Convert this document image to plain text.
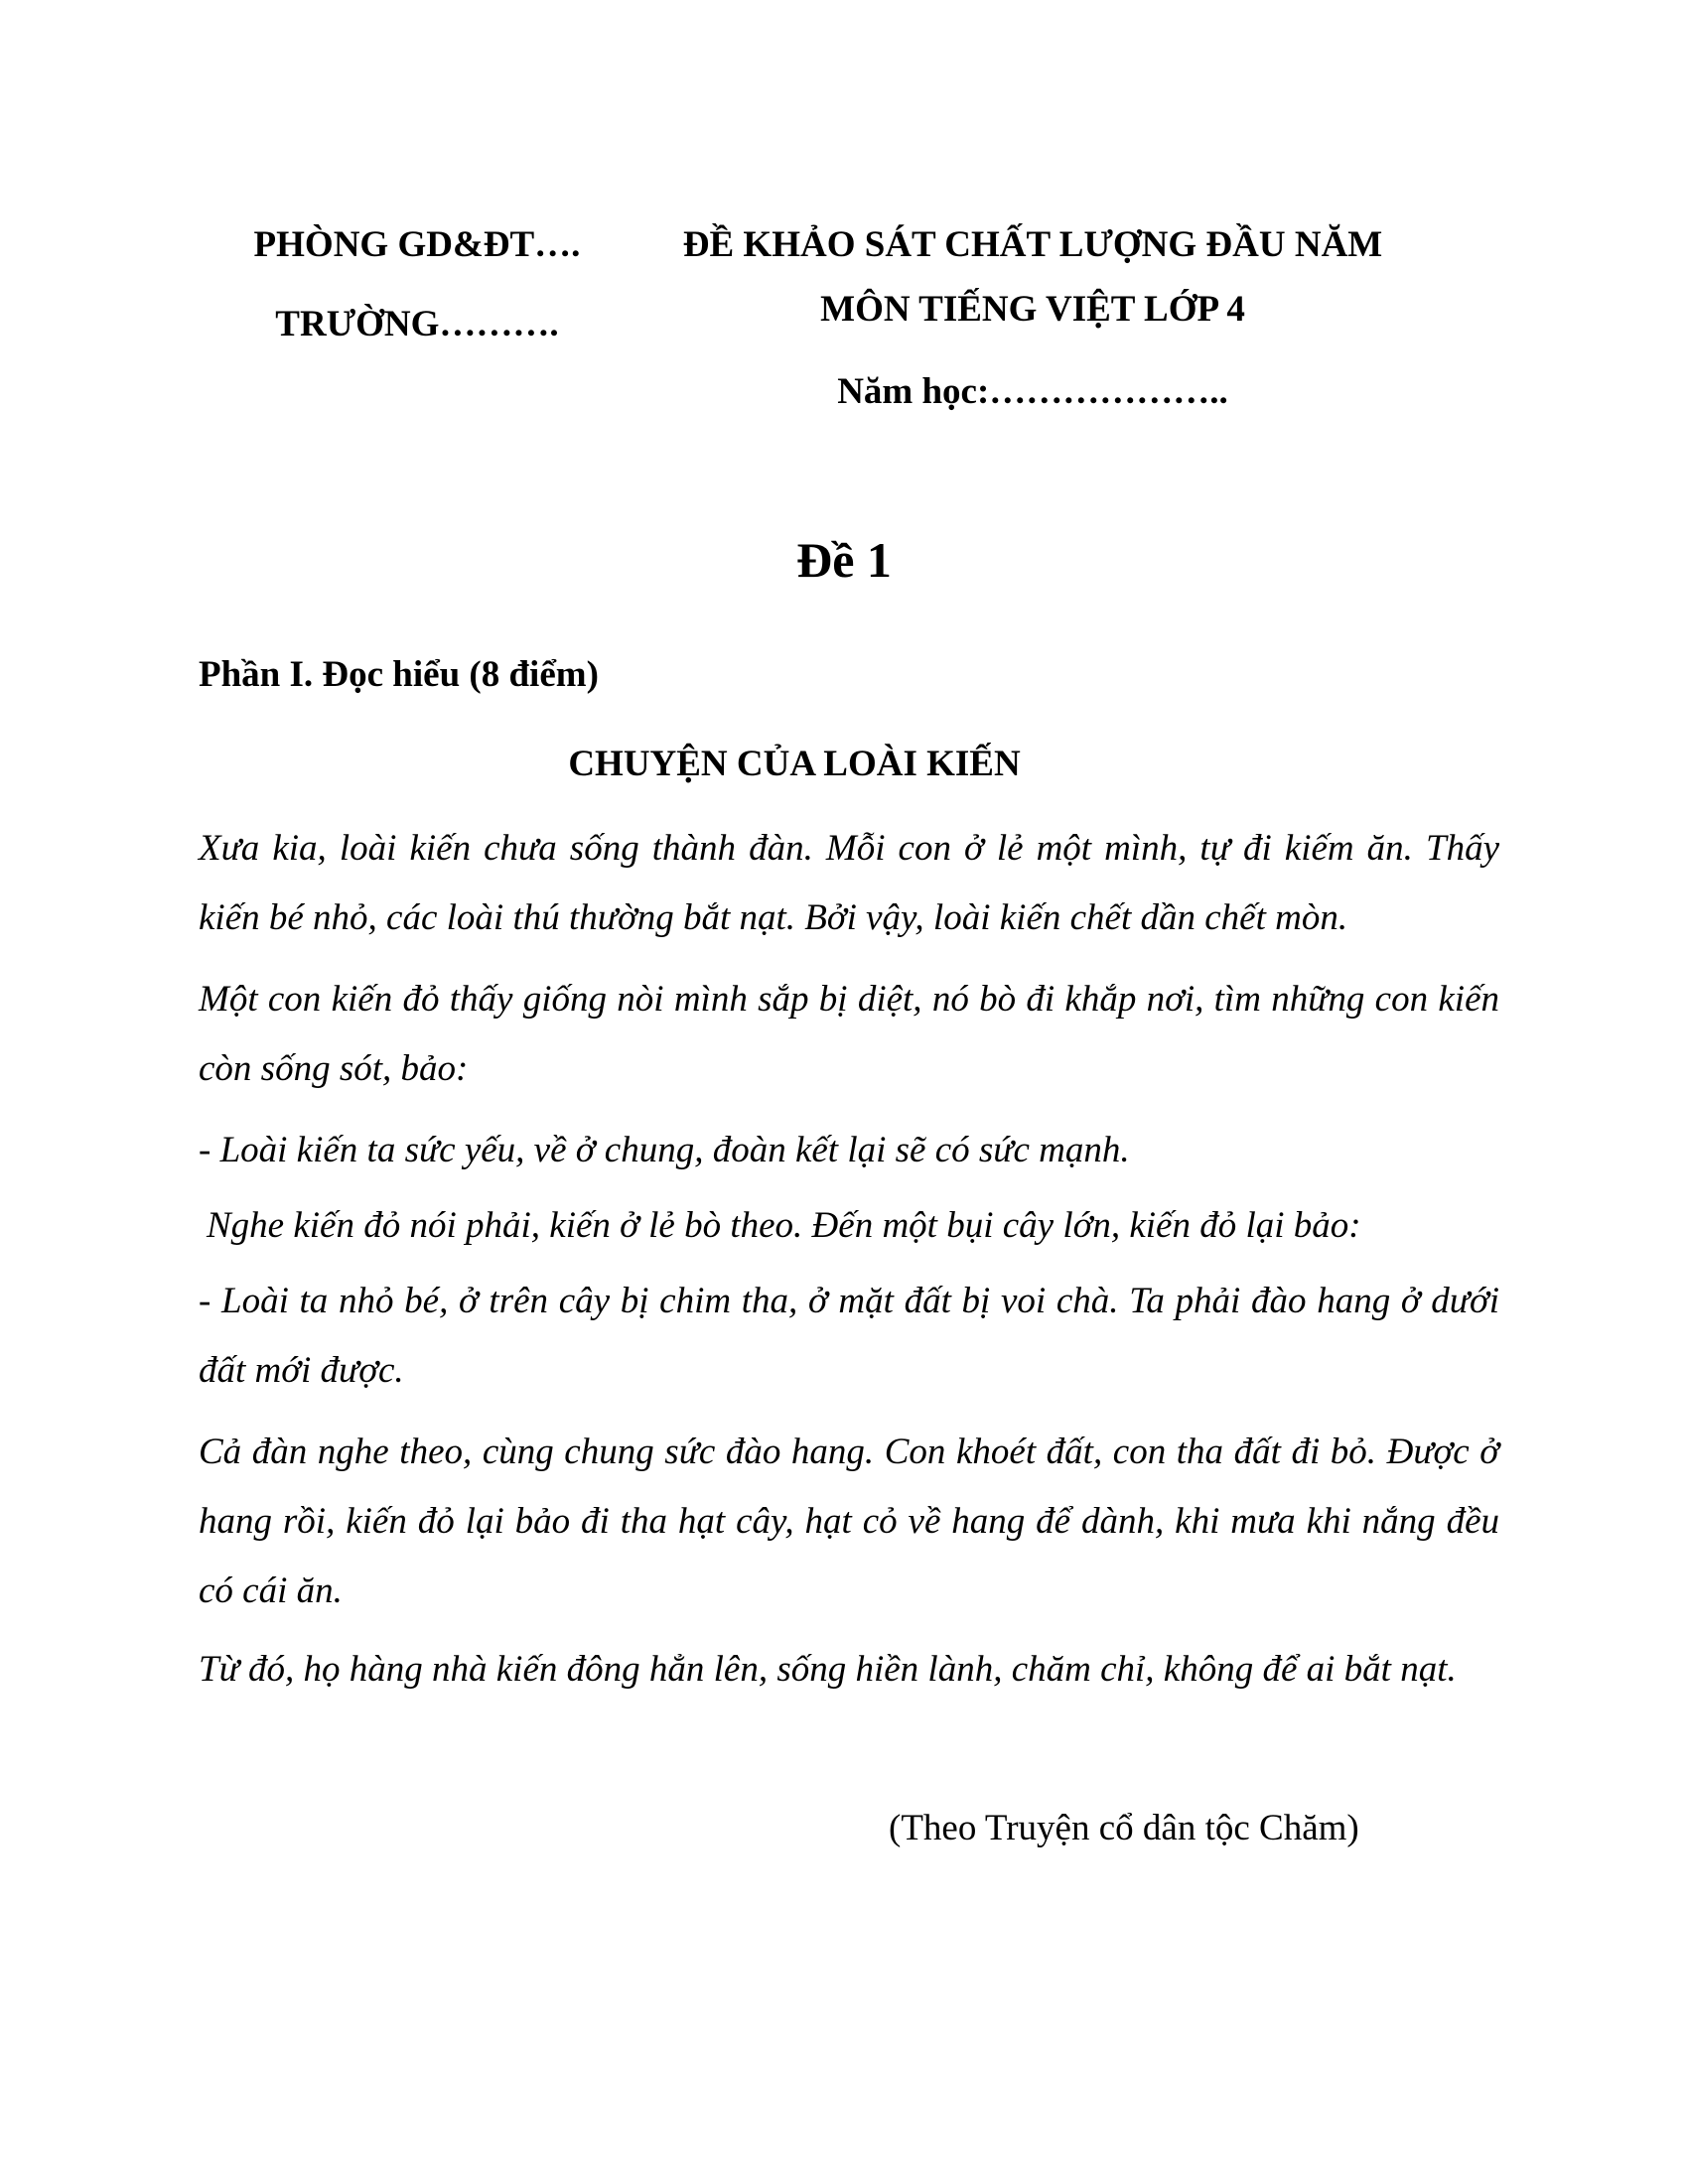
PHÒNG GD&ĐT….
TRƯỜNG……….
ĐỀ KHẢO SÁT CHẤT LƯỢNG ĐẦU NĂM
MÔN TIẾNG VIỆT LỚP 4
Năm học:………………..
Đề 1
Phần I. Đọc hiểu (8 điểm)
CHUYỆN CỦA LOÀI KIẾN
Xưa kia, loài kiến chưa sống thành đàn. Mỗi con ở lẻ một mình, tự đi kiếm ăn. Thấy kiến bé nhỏ, các loài thú thường bắt nạt. Bởi vậy, loài kiến chết dần chết mòn.
Một con kiến đỏ thấy giống nòi mình sắp bị diệt, nó bò đi khắp nơi, tìm những con kiến còn sống sót, bảo:
- Loài kiến ta sức yếu, về ở chung, đoàn kết lại sẽ có sức mạnh.
Nghe kiến đỏ nói phải, kiến ở lẻ bò theo. Đến một bụi cây lớn, kiến đỏ lại bảo:
- Loài ta nhỏ bé, ở trên cây bị chim tha, ở mặt đất bị voi chà. Ta phải đào hang ở dưới đất mới được.
Cả đàn nghe theo, cùng chung sức đào hang. Con khoét đất, con tha đất đi bỏ. Được ở hang rồi, kiến đỏ lại bảo đi tha hạt cây, hạt cỏ về hang để dành, khi mưa khi nắng đều có cái ăn.
Từ đó, họ hàng nhà kiến đông hẳn lên, sống hiền lành, chăm chỉ, không để ai bắt nạt.
(Theo Truyện cổ dân tộc Chăm)
